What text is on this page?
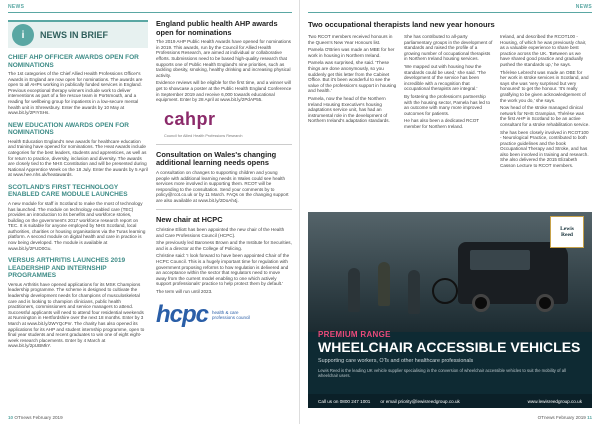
NEWS
i	NEWS IN BRIEF
CHIEF AHP OFFICER AWARDS OPEN FOR NOMINATIONS

The 1st categories of the Chief Allied Health Professions Officer's Awards in England are now open for nominations. The awards are open to all AHPs working in publically funded services in England. Previous exceptional therapy winners include work to deliver interventions as part of a fire rescue team in Portsmouth, and a reading for wellbeing group for inpatients in a low-secure mental health unit in Shrewsbury. Enter the awards by 10 May at www.bit.ly/2PIYSHs.

NEW EDUCATION AWARDS OPEN FOR NOMINATIONS

Health Education England's new awards for healthcare education and training have opened for nominations. The Heat Awards include categories for the best leaders, students and apprentices, as well as for return to practice, diversity, inclusion and diversity. The awards are closely tied to the NHS Constitution and will be presented during National Apprentice Week on the 18 July. Enter the awards by 5 April at www.hee.nhs.uk/heatawards.

SCOTLAND'S FIRST TECHNOLOGY ENABLED CARE MODULE LAUNCHES

A new module for staff in Scotland to make the most of technology has launched. The module on technology enabled care (TEC) provides an introduction to its benefits and workforce stories, building on the government's 2017 workforce research report on TEC. It is suitable for anyone employed by NHS Scotland, local authorities, charities or housing organisations via the Turas learning platform. A second module on digital health and care in practice is now being developed. The module is available at www.bit.ly/2FUD0Gu.

VERSUS ARTHRITIS LAUNCHES 2019 LEADERSHIP AND INTERNSHIP PROGRAMMES

Versus Arthritis have opened applications for its MSK Champions leadership programme. The scheme is designed to cultivate the leadership development needs for champions of musculoskeletal care and is looking to champion clinicians, public health practitioners, commissioners and service managers to attend. Successful applicants will need to attend four residential weekends at Nunnington in Hertfordshire over the next 18 months. Enter by 3 March at www.bit.ly/2WYQcPnr. The charity has also opened its applications for its AHP and student internship programme, open to final year students and recent graduates to win one of eight eight-week research placements. Enter by 4 March at www.bit.ly/2pUBMkY.

England public health AHP awards open for nominations

The 2019 AHP Public Health Awards have opened for nominations in 2019. This awards, run by the Council for Allied Health Professions Research, are aimed at individual or collaborative efforts. Submissions need to be based high-quality research that supports one of Public Health England's nine priorities, such as tackling obesity, smoking, healthy drinking and increasing physical activity.

Evidence reviews will be eligible for the first time, and a winner will get to showcase a poster at the Public Health England Conference in September 2019 and receive 6,000 towards educational equipment. Enter by 28 April at www.bit.ly/2PdAP55.

cahpr
Council for Allied Health Professions Research
Consultation on Wales's changing additional learning needs opens

A consultation on changes to supporting children and young people with additional learning needs in Wales could see health services more involved in supporting them. RCOT will be responding to the consultation. Send your comments by to policy@rcot.co.uk or by 11 March. FAQs on the changing support are also available at www.bit.ly/2DoAh4j.

New chair at HCPC

Christine Elliott has been appointed the new chair of the Health and Care Professions Council (HCPC).

She previously led Baroness Brown and the Institute for Securities, and is a director at the College of Policing.

Christine said: 'I look forward to have been appointed Chair of the HCPC Council. This is a hugely important time for regulation with government proposing reforms to how regulation is delivered and an acceptance within the sector that regulators need to move away from the current model enabling to one which actively support professionals' practice to help protect them by default.'

The term will run until 2023.

hcpc health & care professions council
10 OTnews February 2019
NEWS
Two occupational therapists land new year honours

Two RCOT members received honours in the Queen's New Year Honours list.

Pamela O'Brien was made an MBE for her work in housing in Northern Ireland.

Pamela was surprised, she said. 'These things are done anonymously, so you suddenly get this letter from the Cabinet Office. But it's been wonderful to see the value of the profession's support in housing and health.'

Pamela, now the head of the Northern Ireland Housing Executive's housing adaptations service unit, has had an instrumental role in the development of Northern Ireland's adaptation standards.

She has contributed to all-party parliamentary groups in the development of standards and raised the profile of a growing number of occupational therapists in Northern Ireland housing services.

'We mapped out with housing how the standards could be used,' she said. 'The development of the service has been incredible with a recognition that occupational therapists are integral.'

By fostering the profession's partnership with the housing sector, Pamela has led to an outcome with many more improved outcomes for patients.

He has also been a dedicated RCOT member for Northern Ireland.

Ireland, and described the RCOT100 - Housing, of which he was previously chair, as a valuable experience to share best practice across the UK. 'Between us we have shared good practice and gradually pushed the standards up,' he says.

Thérèse Lebrecht was made an OBE for her work in stroke services in Scotland, and says she was 'very surprised but very honoured' to get the honour. 'It's really gratifying to be given acknowledgement of the work you do,' she says.

Now head of the stroke managed clinical network for NHS Grampian, Thérèse was the first AHP in Scotland to be an active consultant for a stroke rehabilitation service.

She has been closely involved in RCOT100 - Neurological Practice, contributed to both practice guidelines and the book Occupational Therapy and Stroke, and has also been involved in training and research. She also delivered the 2015 Elizabeth Casson Lecture to RCOT members.

Lewis
Reed
PREMIUM RANGE
WHEELCHAIR ACCESSIBLE VEHICLES
Supporting care workers, OTs and other healthcare professionals
Lewis Reed is the leading UK vehicle supplier specialising in the conversion of wheelchair accessible vehicles to suit the mobility of all wheelchair users.
Call us on 0800 247 1001 or email priority@lewisreedgroup.co.uk	www.lewisreedgroup.co.uk
OTnews February 2019 11
